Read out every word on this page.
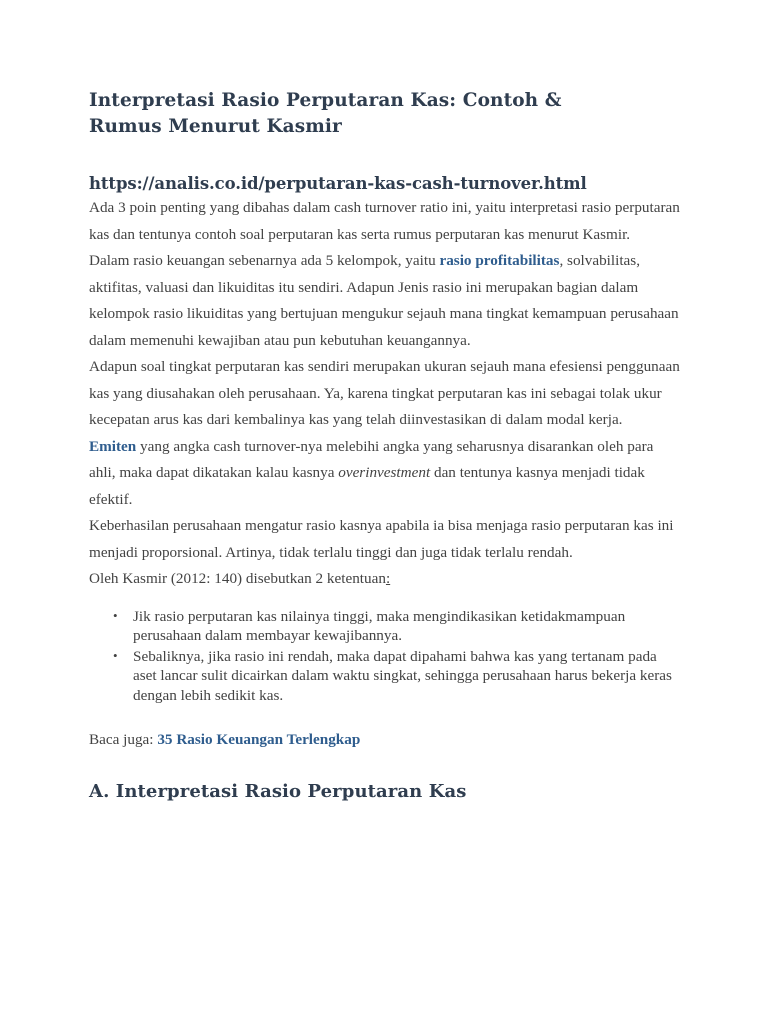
Interpretasi Rasio Perputaran Kas: Contoh & Rumus Menurut Kasmir
https://analis.co.id/perputaran-kas-cash-turnover.html

Ada 3 poin penting yang dibahas dalam cash turnover ratio ini, yaitu interpretasi rasio perputaran kas dan tentunya contoh soal perputaran kas serta rumus perputaran kas menurut Kasmir.

Dalam rasio keuangan sebenarnya ada 5 kelompok, yaitu rasio profitabilitas, solvabilitas, aktifitas, valuasi dan likuiditas itu sendiri. Adapun Jenis rasio ini merupakan bagian dalam kelompok rasio likuiditas yang bertujuan mengukur sejauh mana tingkat kemampuan perusahaan dalam memenuhi kewajiban atau pun kebutuhan keuangannya.

Adapun soal tingkat perputaran kas sendiri merupakan ukuran sejauh mana efesiensi penggunaan kas yang diusahakan oleh perusahaan. Ya, karena tingkat perputaran kas ini sebagai tolak ukur kecepatan arus kas dari kembalinya kas yang telah diinvestasikan di dalam modal kerja.

Emiten yang angka cash turnover-nya melebihi angka yang seharusnya disarankan oleh para ahli, maka dapat dikatakan kalau kasnya overinvestment dan tentunya kasnya menjadi tidak efektif.

Keberhasilan perusahaan mengatur rasio kasnya apabila ia bisa menjaga rasio perputaran kas ini menjadi proporsional. Artinya, tidak terlalu tinggi dan juga tidak terlalu rendah.

Oleh Kasmir (2012: 140) disebutkan 2 ketentuan:

• Jik rasio perputaran kas nilainya tinggi, maka mengindikasikan ketidakmampuan perusahaan dalam membayar kewajibannya.
• Sebaliknya, jika rasio ini rendah, maka dapat dipahami bahwa kas yang tertanam pada aset lancar sulit dicairkan dalam waktu singkat, sehingga perusahaan harus bekerja keras dengan lebih sedikit kas.

Baca juga: 35 Rasio Keuangan Terlengkap

A. Interpretasi Rasio Perputaran Kas
